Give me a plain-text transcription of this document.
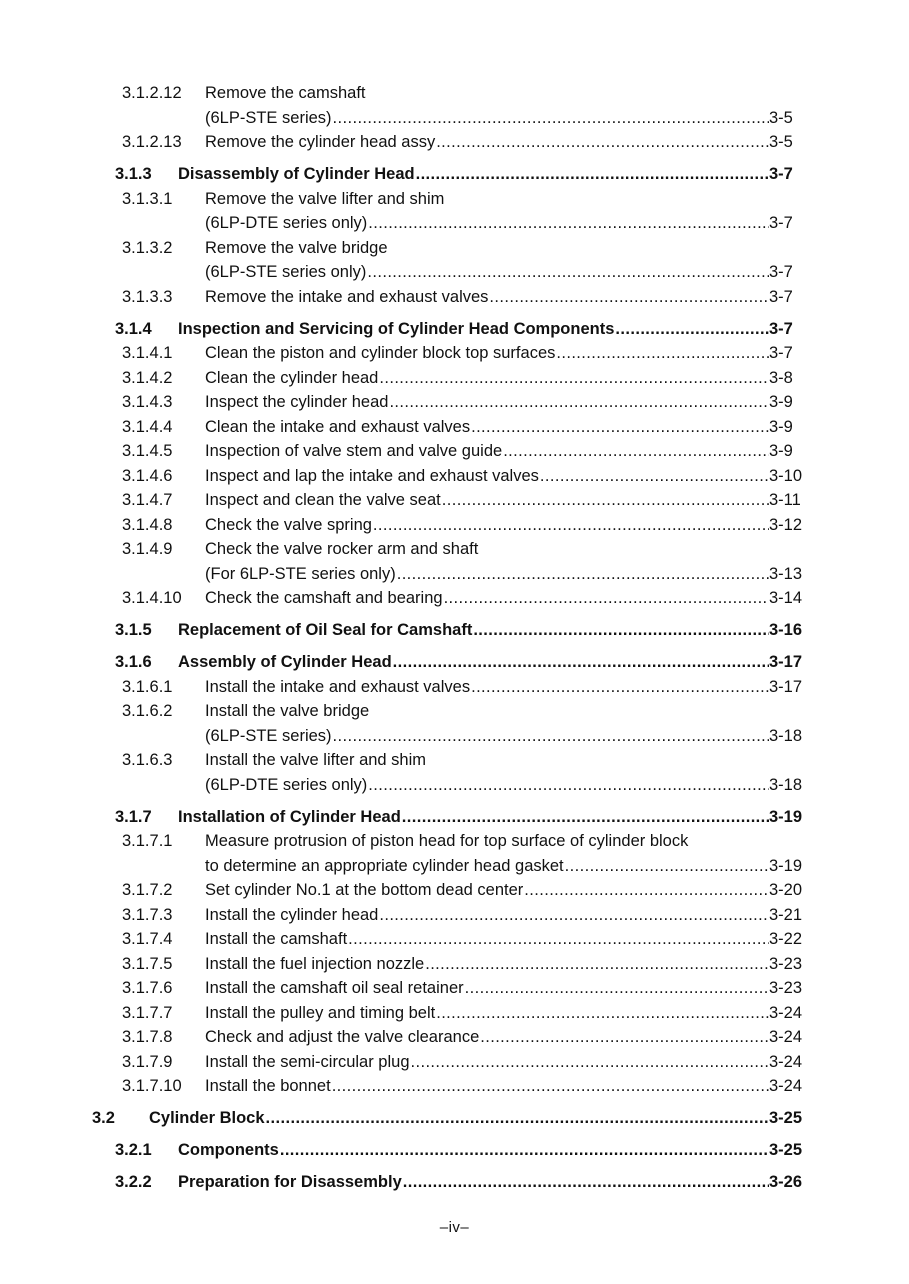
3.1.2.12 Remove the camshaft
(6LP-STE series) .....	3-5
3.1.2.13 Remove the cylinder head assy .....	3-5
3.1.3 Disassembly of Cylinder Head .....	3-7
3.1.3.1 Remove the valve lifter and shim
(6LP-DTE series only) .....	3-7
3.1.3.2 Remove the valve bridge
(6LP-STE series only) .....	3-7
3.1.3.3 Remove the intake and exhaust valves .....	3-7
3.1.4 Inspection and Servicing of Cylinder Head Components .....	3-7
3.1.4.1 Clean the piston and cylinder block top surfaces .....	3-7
3.1.4.2 Clean the cylinder head .....	3-8
3.1.4.3 Inspect the cylinder head .....	3-9
3.1.4.4 Clean the intake and exhaust valves .....	3-9
3.1.4.5 Inspection of valve stem and valve guide .....	3-9
3.1.4.6 Inspect and lap the intake and exhaust valves .....	3-10
3.1.4.7 Inspect and clean the valve seat .....	3-11
3.1.4.8 Check the valve spring .....	3-12
3.1.4.9 Check the valve rocker arm and shaft
(For 6LP-STE series only) .....	3-13
3.1.4.10 Check the camshaft and bearing .....	3-14
3.1.5 Replacement of Oil Seal for Camshaft .....	3-16
3.1.6 Assembly of Cylinder Head .....	3-17
3.1.6.1 Install the intake and exhaust valves .....	3-17
3.1.6.2 Install the valve bridge
(6LP-STE series) .....	3-18
3.1.6.3 Install the valve lifter and shim
(6LP-DTE series only) .....	3-18
3.1.7 Installation of Cylinder Head .....	3-19
3.1.7.1 Measure protrusion of piston head for top surface of cylinder block
to determine an appropriate cylinder head gasket .....	3-19
3.1.7.2 Set cylinder No.1 at the bottom dead center .....	3-20
3.1.7.3 Install the cylinder head .....	3-21
3.1.7.4 Install the camshaft .....	3-22
3.1.7.5 Install the fuel injection nozzle .....	3-23
3.1.7.6 Install the camshaft oil seal retainer .....	3-23
3.1.7.7 Install the pulley and timing belt .....	3-24
3.1.7.8 Check and adjust the valve clearance .....	3-24
3.1.7.9 Install the semi-circular plug .....	3-24
3.1.7.10 Install the bonnet .....	3-24
3.2 Cylinder Block .....	3-25
3.2.1 Components .....	3-25
3.2.2 Preparation for Disassembly .....	3-26
–iv–
